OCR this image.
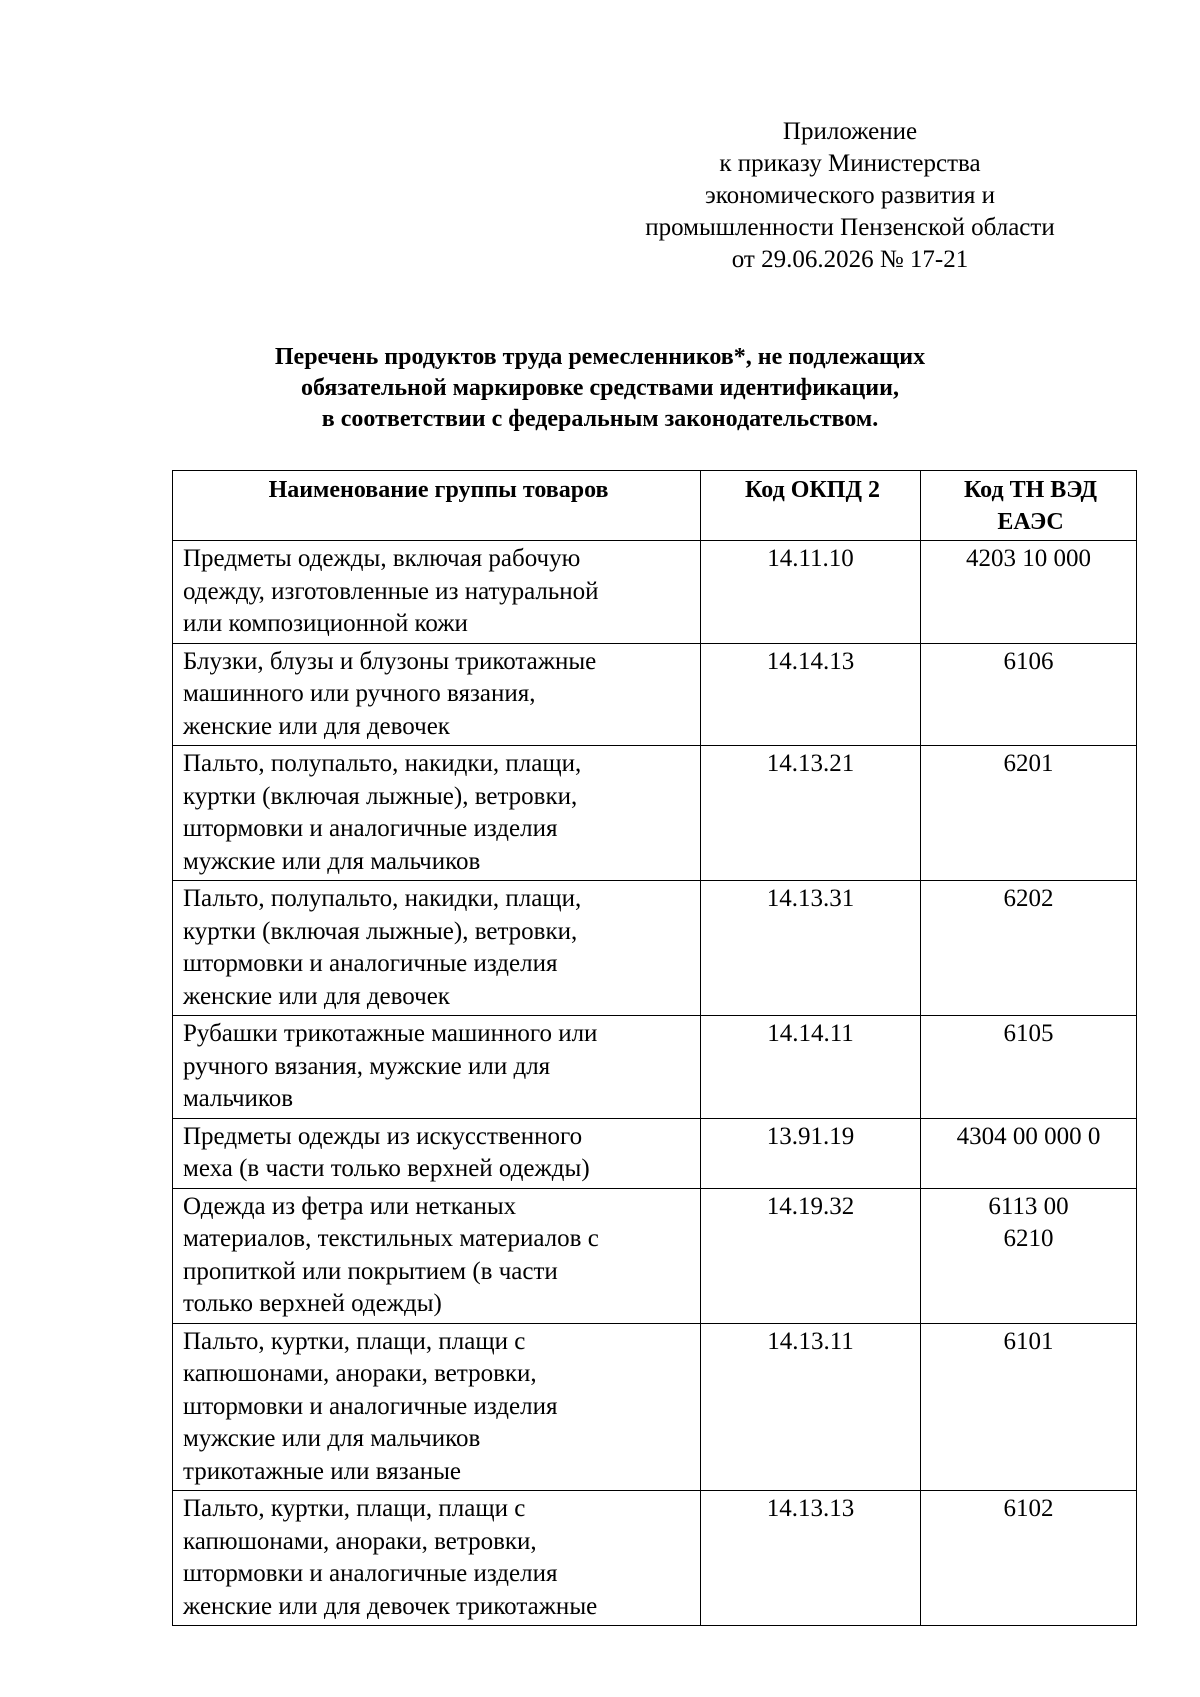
Приложение
к приказу Министерства
экономического развития и
промышленности Пензенской области
от 29.06.2026 № 17-21
Перечень продуктов труда ремесленников*, не подлежащих
обязательной маркировке средствами идентификации,
в соответствии с федеральным законодательством.
Наименование группы товаров	Код ОКПД 2	Код ТН ВЭД
ЕАЭС

Предметы одежды, включая рабочую
одежду, изготовленные из натуральной
или композиционной кожи	14.11.10	4203 10 000

Блузки, блузы и блузоны трикотажные
машинного или ручного вязания,
женские или для девочек	14.14.13	6106

Пальто, полупальто, накидки, плащи,
куртки (включая лыжные), ветровки,
штормовки и аналогичные изделия
мужские или для мальчиков	14.13.21	6201

Пальто, полупальто, накидки, плащи,
куртки (включая лыжные), ветровки,
штормовки и аналогичные изделия
женские или для девочек	14.13.31	6202

Рубашки трикотажные машинного или
ручного вязания, мужские или для
мальчиков	14.14.11	6105

Предметы одежды из искусственного
меха (в части только верхней одежды)	13.91.19	4304 00 000 0

Одежда из фетра или нетканых
материалов, текстильных материалов с
пропиткой или покрытием (в части
только верхней одежды)	14.19.32	6113 00
6210

Пальто, куртки, плащи, плащи с
капюшонами, анораки, ветровки,
штормовки и аналогичные изделия
мужские или для мальчиков
трикотажные или вязаные	14.13.11	6101

Пальто, куртки, плащи, плащи с
капюшонами, анораки, ветровки,
штормовки и аналогичные изделия
женские или для девочек трикотажные	14.13.13	6102
